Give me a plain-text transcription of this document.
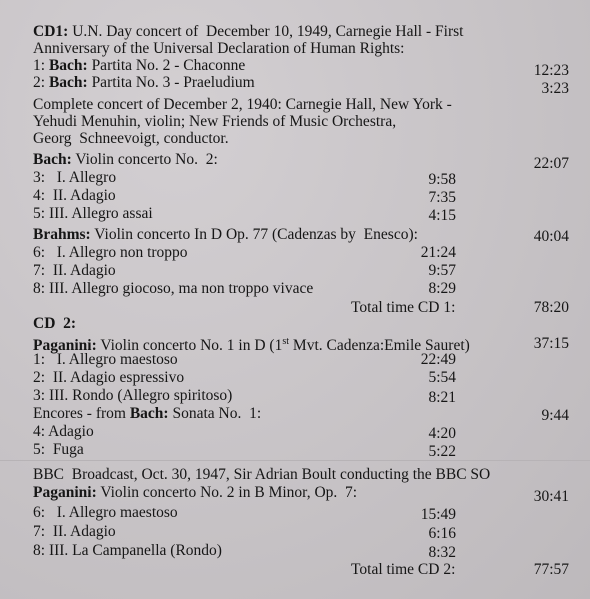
CD1: U.N. Day concert of  December 10, 1949, Carnegie Hall - First
Anniversary of the Universal Declaration of Human Rights:
1: Bach: Partita No. 2 - Chaconne	12:23
2: Bach: Partita No. 3 - Praeludium	3:23
Complete concert of December 2, 1940: Carnegie Hall, New York -
Yehudi Menuhin, violin; New Friends of Music Orchestra,
Georg  Schneevoigt, conductor.
Bach: Violin concerto No.  2:	22:07
3:   I. Allegro	9:58
4:  II. Adagio	7:35
5: III. Allegro assai	4:15
Brahms: Violin concerto In D Op. 77 (Cadenzas by  Enesco):	40:04
6:   I. Allegro non troppo	21:24
7:  II. Adagio	9:57
8: III. Allegro giocoso, ma non troppo vivace	8:29
Total time CD 1:	78:20
CD  2:
Paganini: Violin concerto No. 1 in D (1st Mvt. Cadenza:Emile Sauret)	37:15
1:   I. Allegro maestoso	22:49
2:  II. Adagio espressivo	5:54
3: III. Rondo (Allegro spiritoso)	8:21
Encores - from Bach: Sonata No.  1:	9:44
4: Adagio	4:20
5:  Fuga	5:22
BBC  Broadcast, Oct. 30, 1947, Sir Adrian Boult conducting the BBC SO
Paganini: Violin concerto No. 2 in B Minor, Op.  7:	30:41
6:   I. Allegro maestoso	15:49
7:  II. Adagio	6:16
8: III. La Campanella (Rondo)	8:32
Total time CD 2:	77:57
